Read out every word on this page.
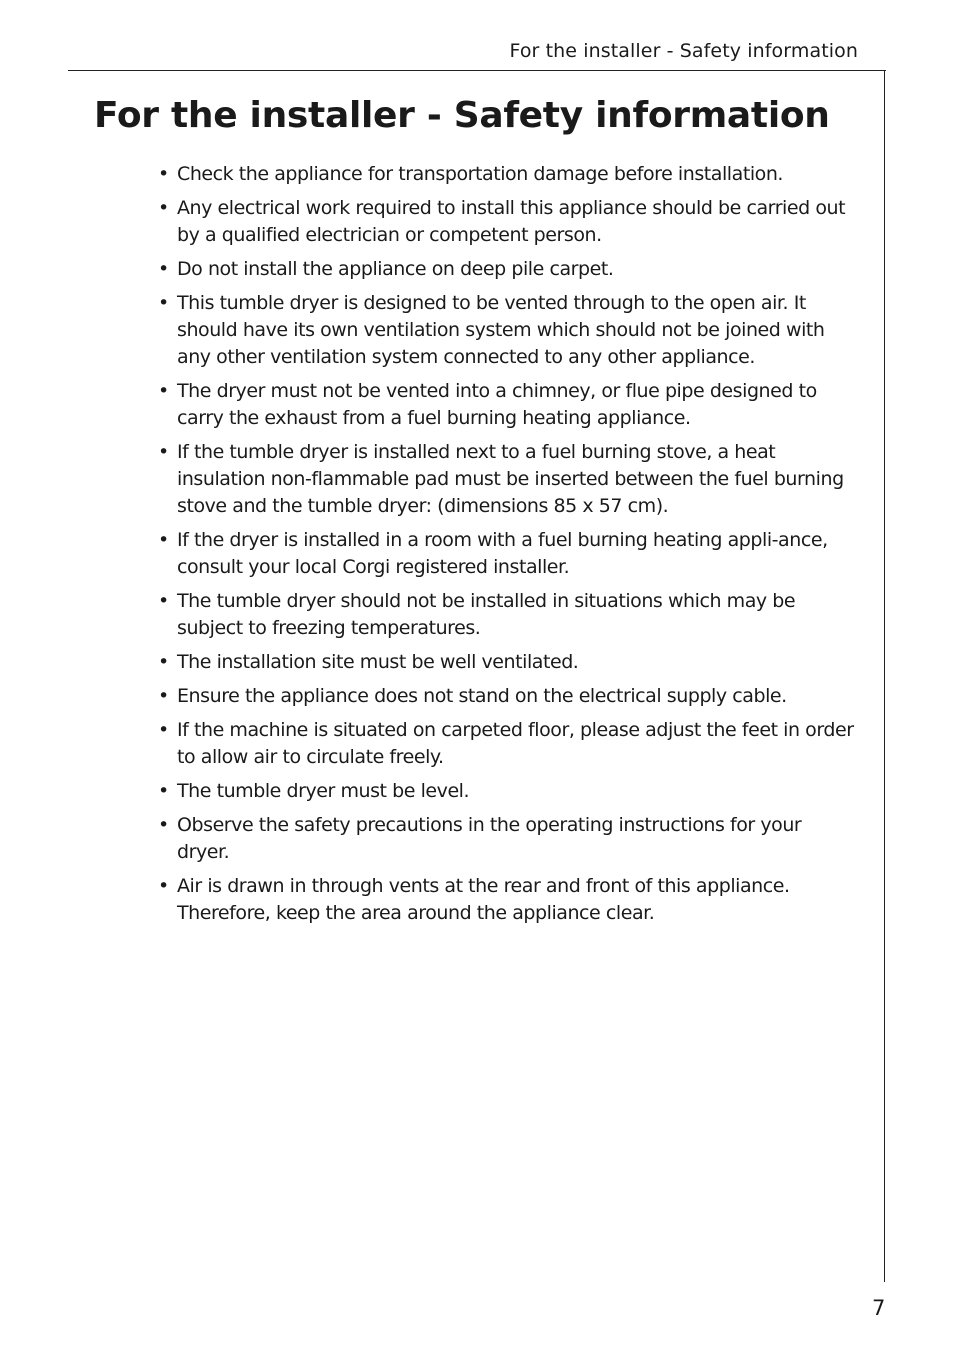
For the installer - Safety information
For the installer - Safety information
• Check the appliance for transportation damage before installation.
• Any electrical work required to install this appliance should be carried out by a qualified electrician or competent person.
• Do not install the appliance on deep pile carpet.
• This tumble dryer is designed to be vented through to the open air. It should have its own ventilation system which should not be joined with any other ventilation system connected to any other appliance.
• The dryer must not be vented into a chimney, or flue pipe designed to carry the exhaust from a fuel burning heating appliance.
• If the tumble dryer is installed next to a fuel burning stove, a heat insulation non-flammable pad must be inserted between the fuel burning stove and the tumble dryer: (dimensions 85 x 57 cm).
• If the dryer is installed in a room with a fuel burning heating appli-ance, consult your local Corgi registered installer.
• The tumble dryer should not be installed in situations which may be subject to freezing temperatures.
• The installation site must be well ventilated.
• Ensure the appliance does not stand on the electrical supply cable.
• If the machine is situated on carpeted floor, please adjust the feet in order to allow air to circulate freely.
• The tumble dryer must be level.
• Observe the safety precautions in the operating instructions for your dryer.
• Air is drawn in through vents at the rear and front of this appliance. Therefore, keep the area around the appliance clear.
7
